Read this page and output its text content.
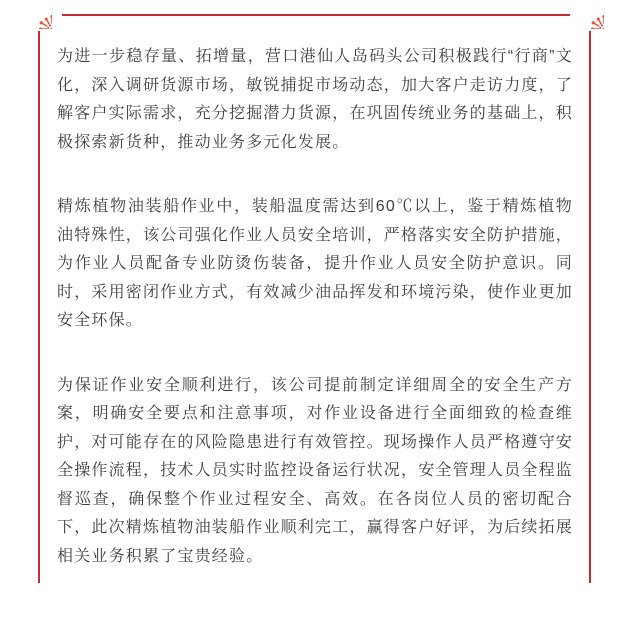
为进一步稳存量、拓增量，营口港仙人岛码头公司积极践行“行商”文化，深入调研货源市场，敏锐捕捉市场动态，加大客户走访力度，了解客户实际需求，充分挖掘潜力货源，在巩固传统业务的基础上，积极探索新货种，推动业务多元化发展。

精炼植物油装船作业中，装船温度需达到60℃以上，鉴于精炼植物油特殊性，该公司强化作业人员安全培训，严格落实安全防护措施，为作业人员配备专业防烫伤装备，提升作业人员安全防护意识。同时，采用密闭作业方式，有效减少油品挥发和环境污染，使作业更加安全环保。

为保证作业安全顺利进行，该公司提前制定详细周全的安全生产方案，明确安全要点和注意事项，对作业设备进行全面细致的检查维护，对可能存在的风险隐患进行有效管控。现场操作人员严格遵守安全操作流程，技术人员实时监控设备运行状况，安全管理人员全程监督巡查，确保整个作业过程安全、高效。在各岗位人员的密切配合下，此次精炼植物油装船作业顺利完工，赢得客户好评，为后续拓展相关业务积累了宝贵经验。
